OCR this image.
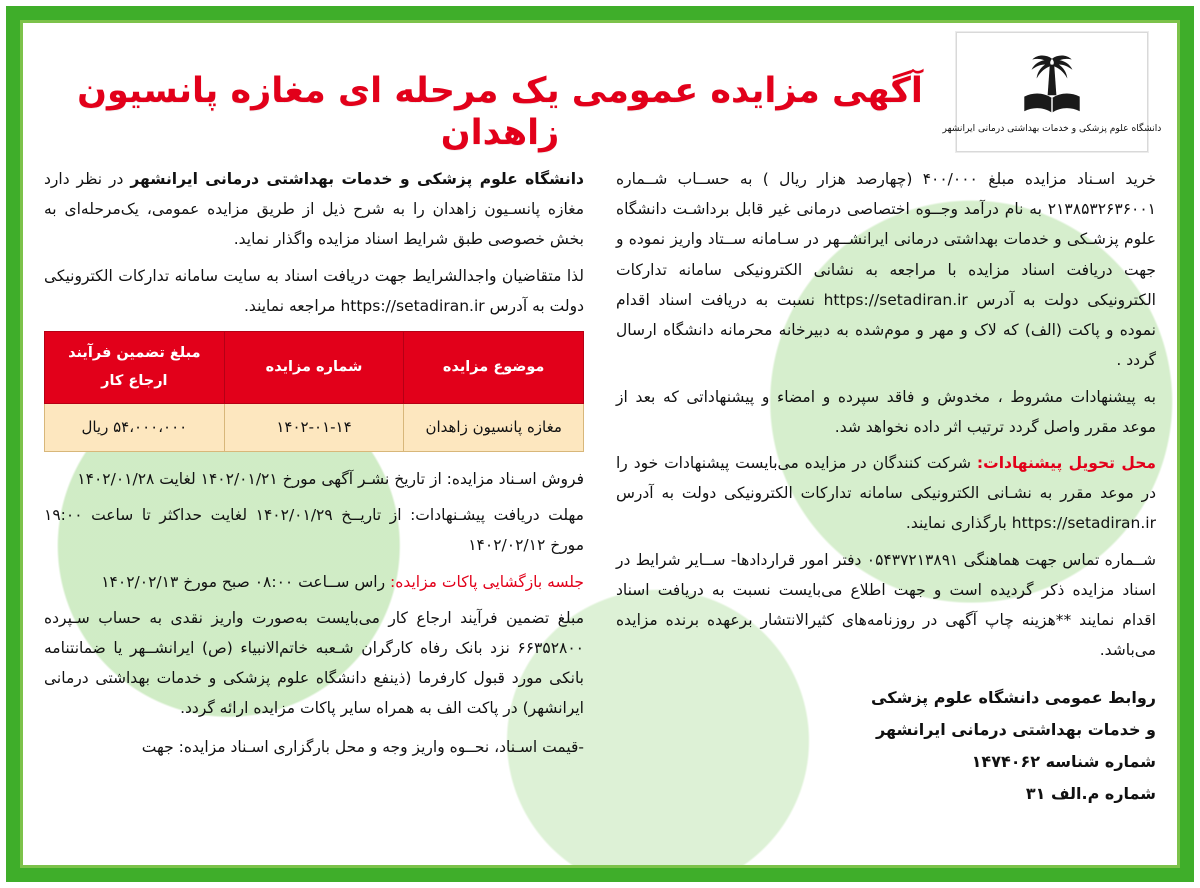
دانشگاه علوم پزشکی و خدمات بهداشتی درمانی ایرانشهر
آگهی مزایده عمومی یک مرحله ای مغازه پانسیون زاهدان

خرید اسـناد مزایده مبلغ ۴۰۰/۰۰۰ (چهارصد هزار ریال ) به حســاب شــماره ۲۱۳۸۵۳۲۶۳۶۰۰۱ به نام درآمد وجــوه اختصاصی درمانی غیر قابل برداشـت دانشگاه علوم پزشـکی و خدمات بهداشتی درمانی ایرانشــهر در سـامانه ســتاد واریز نموده و جهت دریافت اسناد مزایده با مراجعه به نشانی الکترونیکی سامانه تدارکات الکترونیکی دولت به آدرس https://setadiran.ir نسبت به دریافت اسناد اقدام نموده و پاکت (الف) که لاک و مهر و موم‌شده به دبیرخانه محرمانه دانشگاه ارسال گردد .

به پیشنهادات مشروط ، مخدوش و فاقد سپرده و امضاء و پیشنهاداتی که بعد از موعد مقرر واصل گردد ترتیب اثر داده نخواهد شد.

محل تحویل پیشنهادات: شرکت کنندگان در مزایده می‌بایست پیشنهادات خود را در موعد مقرر به نشـانی الکترونیکی سامانه تدارکات الکترونیکی دولت به آدرس https://setadiran.ir بارگذاری نمایند.

شــماره تماس جهت هماهنگی ۰۵۴۳۷۲۱۳۸۹۱ دفتر امور قراردادها- ســایر شرایط در اسناد مزایده ذکر گردیده است و جهت اطلاع می‌بایست نسبت به دریافت اسناد اقدام نمایند **هزینه چاپ آگهی در روزنامه‌های کثیرالانتشار برعهده برنده مزایده می‌باشد.

روابط عمومی دانشگاه علوم پزشکی
و خدمات بهداشتی درمانی ایرانشهر
شماره شناسه ۱۴۷۴۰۶۲
شماره م.الف ۳۱

دانشگاه علوم پزشکی و خدمات بهداشتی درمانی ایرانشهر در نظر دارد مغازه پانسـیون زاهدان را به شرح ذیل از طریق مزایده عمومی، یک‌مرحله‌ای به بخش خصوصی طبق شرایط اسناد مزایده واگذار نماید.

لذا متقاضیان واجدالشرایط جهت دریافت اسناد به سایت سامانه تدارکات الکترونیکی دولت به آدرس https://setadiran.ir مراجعه نمایند.

موضوع مزایده	شماره مزایده	مبلغ تضمین فرآیند ارجاع کار
مغازه پانسیون زاهدان	۱۴۰۲-۰۱-۱۴	۵۴،۰۰۰،۰۰۰ ریال

فروش اسـناد مزایده: از تاریخ نشـر آگهی مورخ ۱۴۰۲/۰۱/۲۱ لغایت ۱۴۰۲/۰۱/۲۸

مهلت دریافت پیشـنهادات: از تاریــخ ۱۴۰۲/۰۱/۲۹ لغایت حداکثر تا ساعت ۱۹:۰۰ مورخ ۱۴۰۲/۰۲/۱۲

جلسه بازگشایی پاکات مزایده: راس ســاعت ۰۸:۰۰ صبح مورخ ۱۴۰۲/۰۲/۱۳

مبلغ تضمین فرآیند ارجاع کار می‌بایست به‌صورت واریز نقدی به حساب سـپرده ۶۶۳۵۲۸۰۰ نزد بانک رفاه کارگران شـعبه خاتم‌الانبیاء (ص) ایرانشــهر یا ضمانتنامه بانکی مورد قبول کارفرما (ذینفع دانشگاه علوم پزشکی و خدمات بهداشتی درمانی ایرانشهر) در پاکت الف به همراه سایر پاکات مزایده ارائه گردد.

-قیمت اسـناد، نحــوه واریز وجه و محل بارگزاری اسـناد مزایده: جهت
